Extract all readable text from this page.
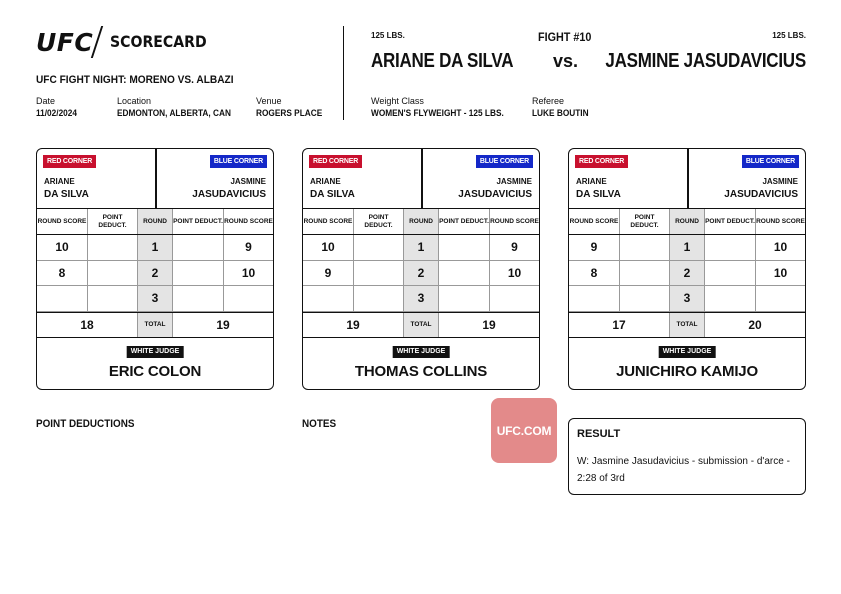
UFC SCORECARD
UFC FIGHT NIGHT: MORENO VS. ALBAZI
Date
11/02/2024
Location
EDMONTON, ALBERTA, CAN
Venue
ROGERS PLACE
125 LBS.
ARIANE DA SILVA
FIGHT #10
vs.
125 LBS.
JASMINE JASUDAVICIUS
Weight Class
WOMEN'S FLYWEIGHT - 125 LBS.
Referee
LUKE BOUTIN
RED CORNER	BLUE CORNER
ARIANE
DA SILVA
JASMINE
JASUDAVICIUS
ROUND SCORE
POINT DEDUCT.
ROUND POINT DEDUCT. ROUND SCORE
10	1	9
8	2	10
3
18	TOTAL	19
WHITE JUDGE
ERIC COLON
RED CORNER	BLUE CORNER
ARIANE
DA SILVA
JASMINE
JASUDAVICIUS
ROUND SCORE
POINT DEDUCT.
ROUND POINT DEDUCT. ROUND SCORE
10	1	9
9	2	10
3
19	TOTAL	19
WHITE JUDGE
THOMAS COLLINS
RED CORNER	BLUE CORNER
ARIANE
DA SILVA
JASMINE
JASUDAVICIUS
ROUND SCORE
POINT DEDUCT.
ROUND POINT DEDUCT. ROUND SCORE
9	1	10
8	2	10
3
17	TOTAL	20
WHITE JUDGE
JUNICHIRO KAMIJO
POINT DEDUCTIONS	NOTES	UFC.COM	RESULT
W: Jasmine Jasudavicius - submission - d'arce - 2:28 of 3rd
